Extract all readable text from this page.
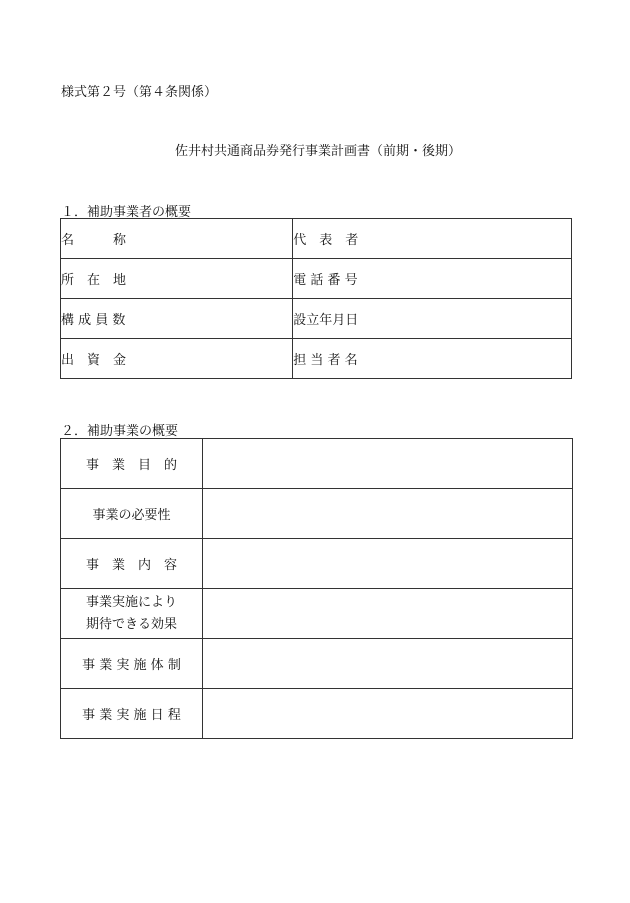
様式第２号（第４条関係）
佐井村共通商品券発行事業計画書（前期・後期）
１．補助事業者の概要
名　　　称	代　表　者
所　在　地	電 話 番 号
構 成 員 数	設立年月日
出　資　金	担 当 者 名
２．補助事業の概要
事　業　目　的	
事業の必要性	
事　業　内　容	

事業実施により
期待できる効果	

事 業 実 施 体 制	
事 業 実 施 日 程	
